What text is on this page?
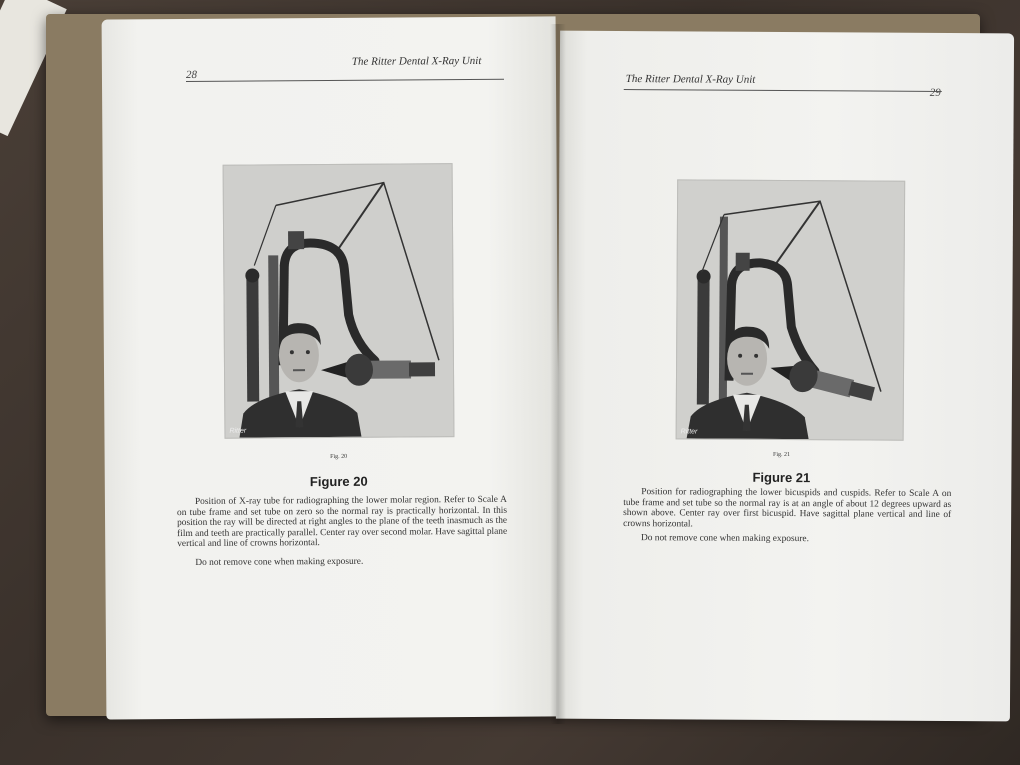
28
The Ritter Dental X-Ray Unit
Ritter
Fig. 20
Figure 20

Position of X-ray tube for radiographing the lower molar region. Refer to Scale A on tube frame and set tube on zero so the normal ray is practically horizontal. In this position the ray will be directed at right angles to the plane of the teeth inasmuch as the film and teeth are practically parallel. Center ray over second molar. Have sagittal plane vertical and line of crowns horizontal.

Do not remove cone when making exposure.

The Ritter Dental X-Ray Unit
29
Ritter
Fig. 21
Figure 21

Position for radiographing the lower bicuspids and cuspids. Refer to Scale A on tube frame and set tube so the normal ray is at an angle of about 12 degrees upward as shown above. Center ray over first bicuspid. Have sagittal plane vertical and line of crowns horizontal.

Do not remove cone when making exposure.
